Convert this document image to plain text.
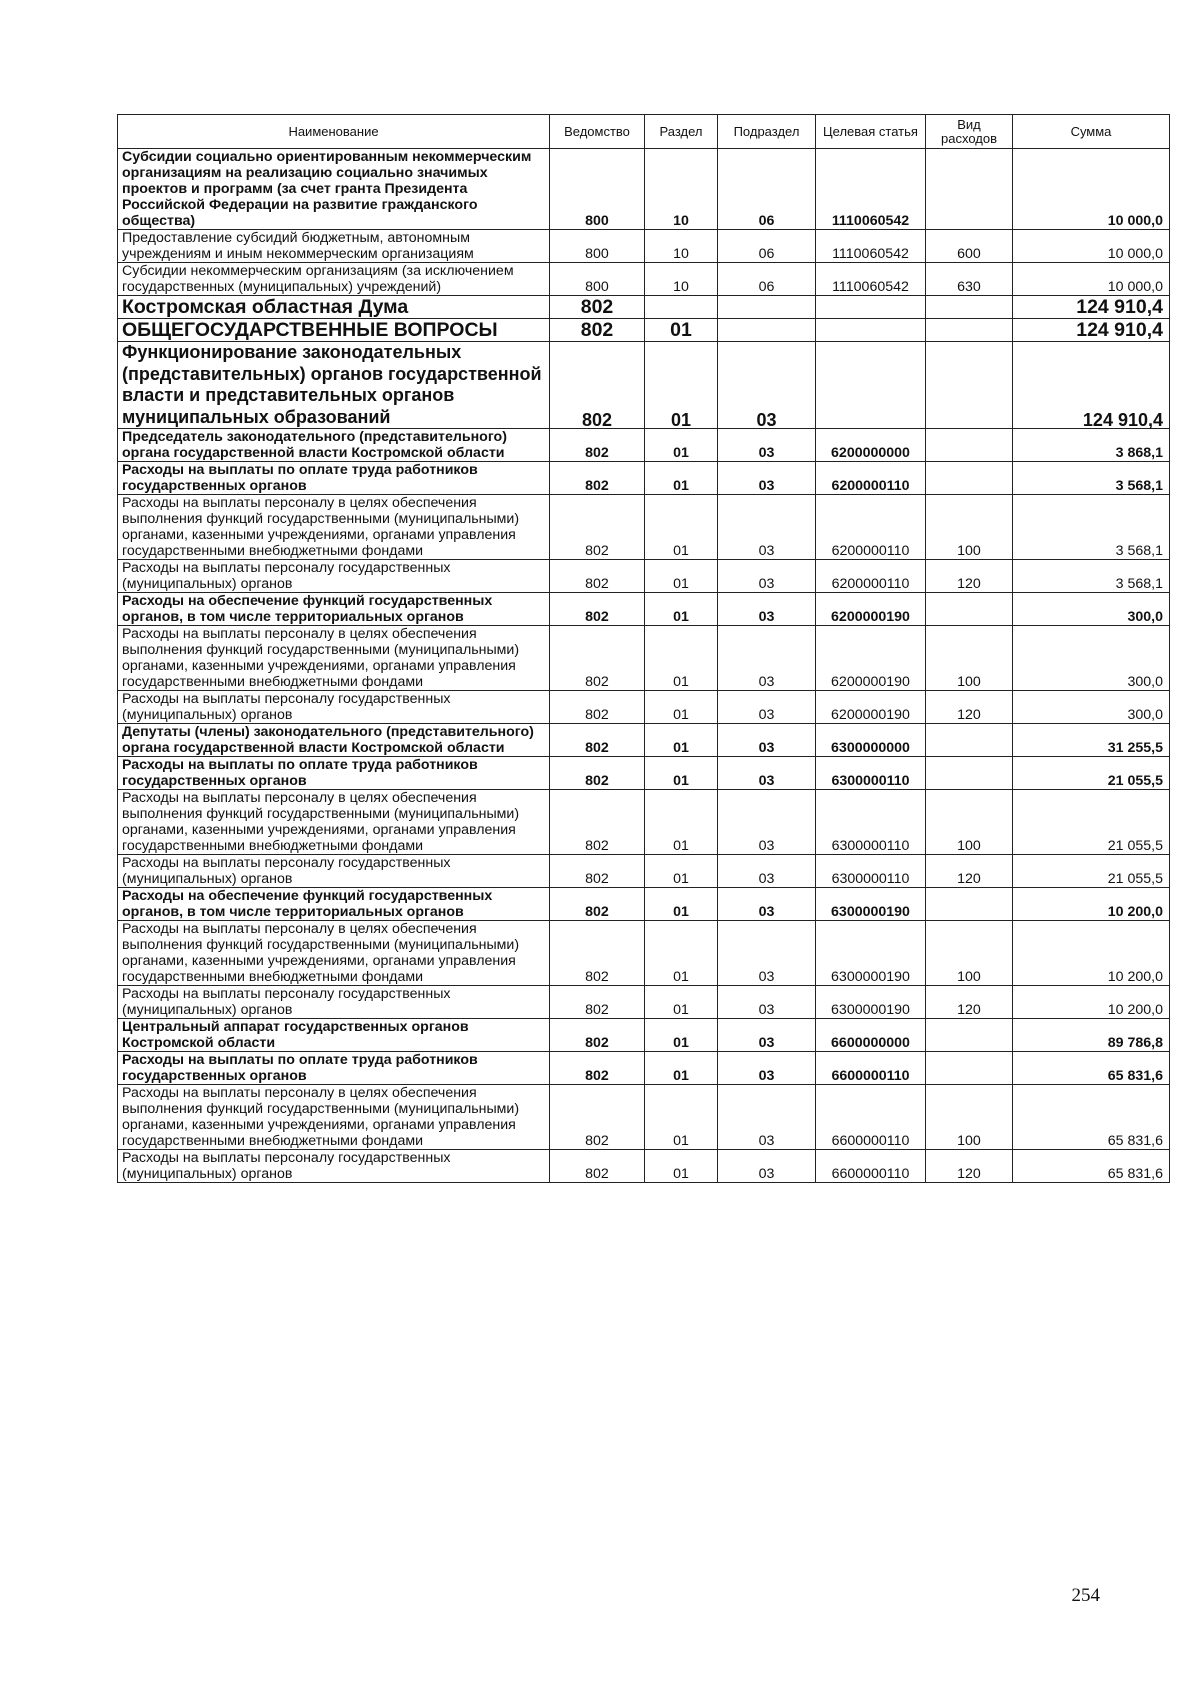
Наименование	Ведомство	Раздел	Подраздел	Целевая статья	Вид расходов	Сумма
Субсидии социально ориентированным некоммерческим организациям на реализацию социально значимых проектов и программ (за счет гранта Президента Российской Федерации на развитие гражданского общества)	800	10	06	1110060542		10 000,0
Предоставление субсидий бюджетным, автономным учреждениям и иным некоммерческим организациям	800	10	06	1110060542	600	10 000,0
Субсидии некоммерческим организациям (за исключением государственных (муниципальных) учреждений)	800	10	06	1110060542	630	10 000,0
Костромская областная Дума	802					124 910,4
ОБЩЕГОСУДАРСТВЕННЫЕ ВОПРОСЫ	802	01				124 910,4
Функционирование законодательных (представительных) органов государственной власти и представительных органов муниципальных образований	802	01	03			124 910,4
Председатель законодательного (представительного) органа государственной власти Костромской области	802	01	03	6200000000		3 868,1
Расходы на выплаты по оплате труда работников государственных органов	802	01	03	6200000110		3 568,1
Расходы на выплаты персоналу в целях обеспечения выполнения функций государственными (муниципальными) органами, казенными учреждениями, органами управления государственными внебюджетными фондами	802	01	03	6200000110	100	3 568,1
Расходы на выплаты персоналу государственных (муниципальных) органов	802	01	03	6200000110	120	3 568,1
Расходы на обеспечение функций государственных органов, в том числе территориальных органов	802	01	03	6200000190		300,0
Расходы на выплаты персоналу в целях обеспечения выполнения функций государственными (муниципальными) органами, казенными учреждениями, органами управления государственными внебюджетными фондами	802	01	03	6200000190	100	300,0
Расходы на выплаты персоналу государственных (муниципальных) органов	802	01	03	6200000190	120	300,0
Депутаты (члены) законодательного (представительного) органа государственной власти Костромской области	802	01	03	6300000000		31 255,5
Расходы на выплаты по оплате труда работников государственных органов	802	01	03	6300000110		21 055,5
Расходы на выплаты персоналу в целях обеспечения выполнения функций государственными (муниципальными) органами, казенными учреждениями, органами управления государственными внебюджетными фондами	802	01	03	6300000110	100	21 055,5
Расходы на выплаты персоналу государственных (муниципальных) органов	802	01	03	6300000110	120	21 055,5
Расходы на обеспечение функций государственных органов, в том числе территориальных органов	802	01	03	6300000190		10 200,0
Расходы на выплаты персоналу в целях обеспечения выполнения функций государственными (муниципальными) органами, казенными учреждениями, органами управления государственными внебюджетными фондами	802	01	03	6300000190	100	10 200,0
Расходы на выплаты персоналу государственных (муниципальных) органов	802	01	03	6300000190	120	10 200,0
Центральный аппарат государственных органов Костромской области	802	01	03	6600000000		89 786,8
Расходы на выплаты по оплате труда работников государственных органов	802	01	03	6600000110		65 831,6
Расходы на выплаты персоналу в целях обеспечения выполнения функций государственными (муниципальными) органами, казенными учреждениями, органами управления государственными внебюджетными фондами	802	01	03	6600000110	100	65 831,6
Расходы на выплаты персоналу государственных (муниципальных) органов	802	01	03	6600000110	120	65 831,6
254
